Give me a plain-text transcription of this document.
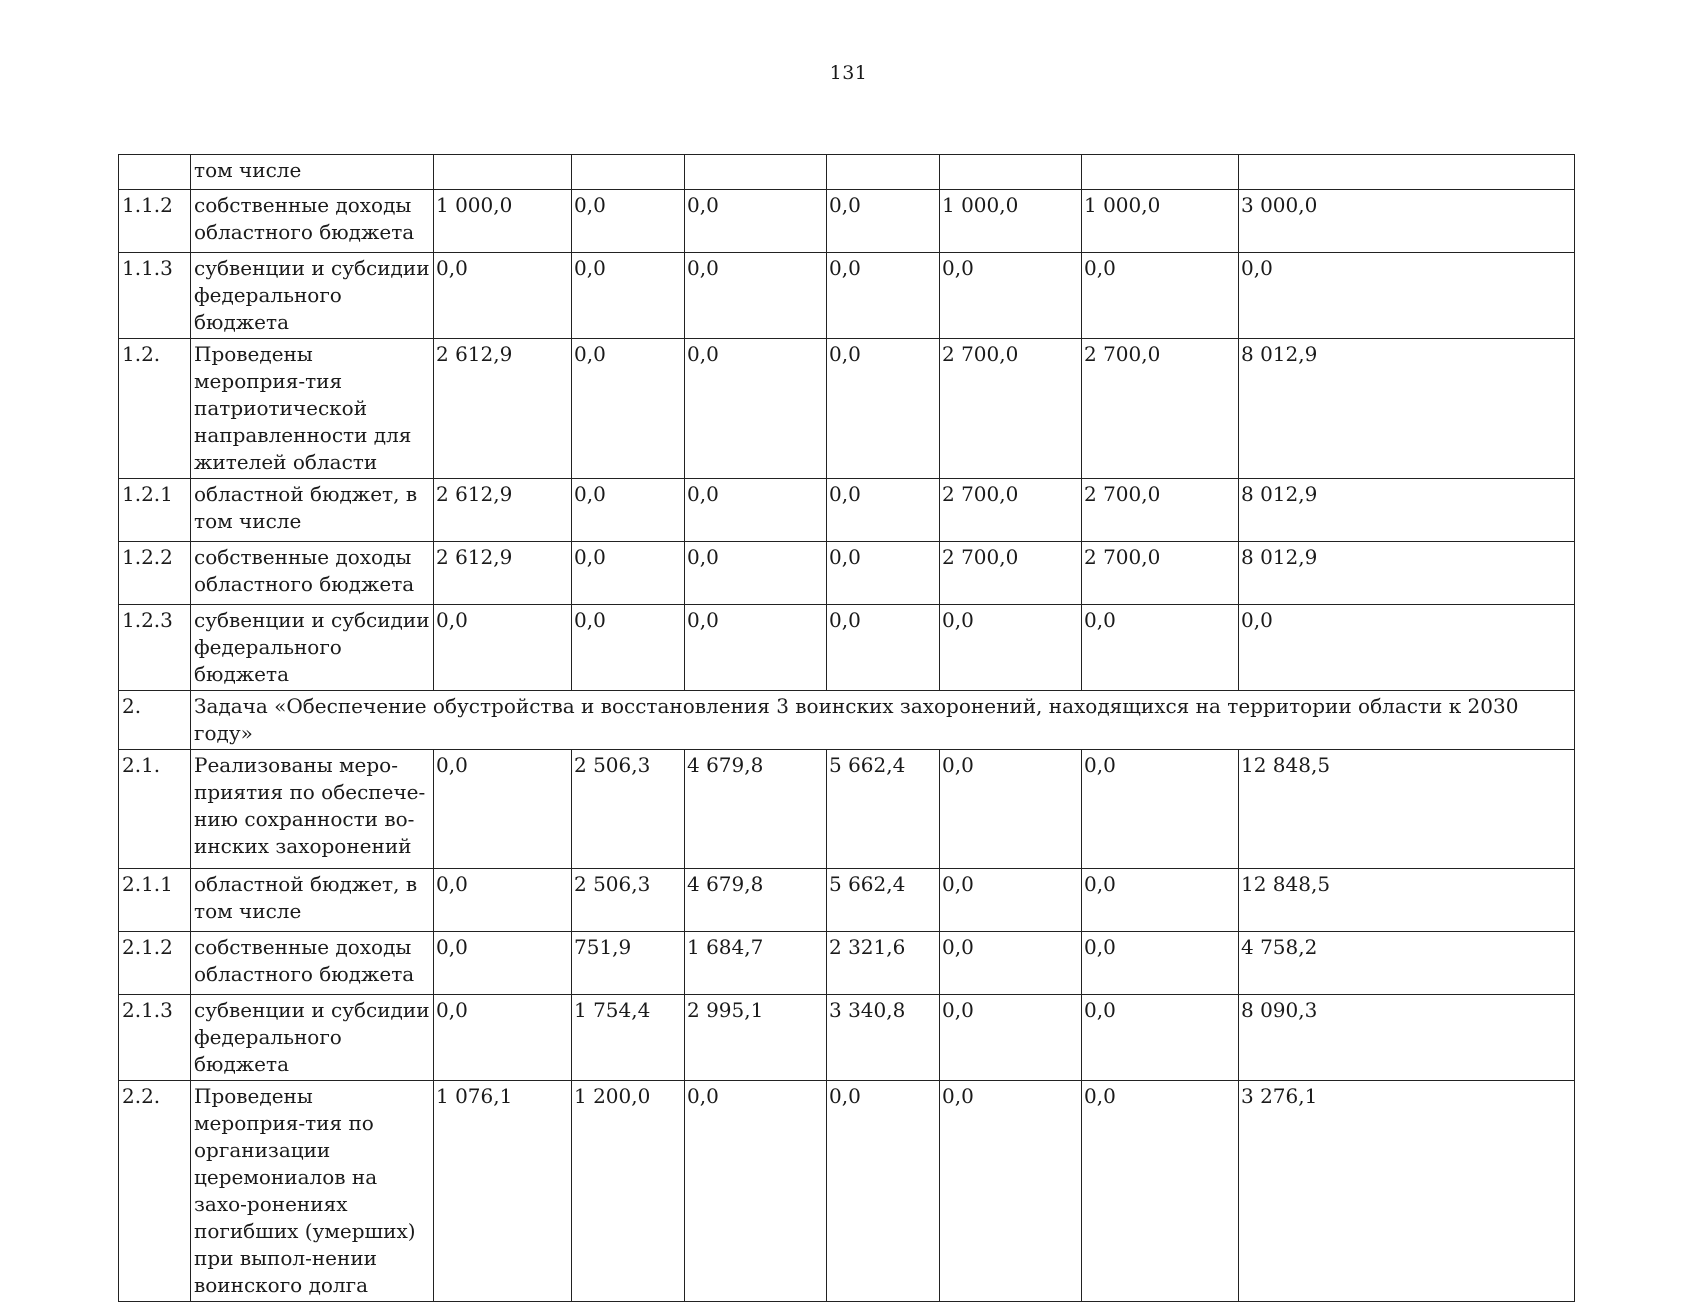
131
	том числе							
1.1.2	собственные доходы областного бюджета	1 000,0	0,0	0,0	0,0	1 000,0	1 000,0	3 000,0
1.1.3	субвенции и субсидии федерального бюджета	0,0	0,0	0,0	0,0	0,0	0,0	0,0
1.2.	Проведены мероприя-тия патриотической направленности для жителей области	2 612,9	0,0	0,0	0,0	2 700,0	2 700,0	8 012,9
1.2.1	областной бюджет, в том числе	2 612,9	0,0	0,0	0,0	2 700,0	2 700,0	8 012,9
1.2.2	собственные доходы областного бюджета	2 612,9	0,0	0,0	0,0	2 700,0	2 700,0	8 012,9
1.2.3	субвенции и субсидии федерального бюджета	0,0	0,0	0,0	0,0	0,0	0,0	0,0
2.	Задача «Обеспечение обустройства и восстановления 3 воинских захоронений, находящихся на территории области к 2030 году»							
2.1.	Реализованы меро-приятия по обеспече-нию сохранности во-инских захоронений	0,0	2 506,3	4 679,8	5 662,4	0,0	0,0	12 848,5
2.1.1	областной бюджет, в том числе	0,0	2 506,3	4 679,8	5 662,4	0,0	0,0	12 848,5
2.1.2	собственные доходы областного бюджета	0,0	751,9	1 684,7	2 321,6	0,0	0,0	4 758,2
2.1.3	субвенции и субсидии федерального бюджета	0,0	1 754,4	2 995,1	3 340,8	0,0	0,0	8 090,3
2.2.	Проведены мероприя-тия по организации церемониалов на захо-ронениях погибших (умерших) при выпол-нении воинского долга	1 076,1	1 200,0	0,0	0,0	0,0	0,0	3 276,1
